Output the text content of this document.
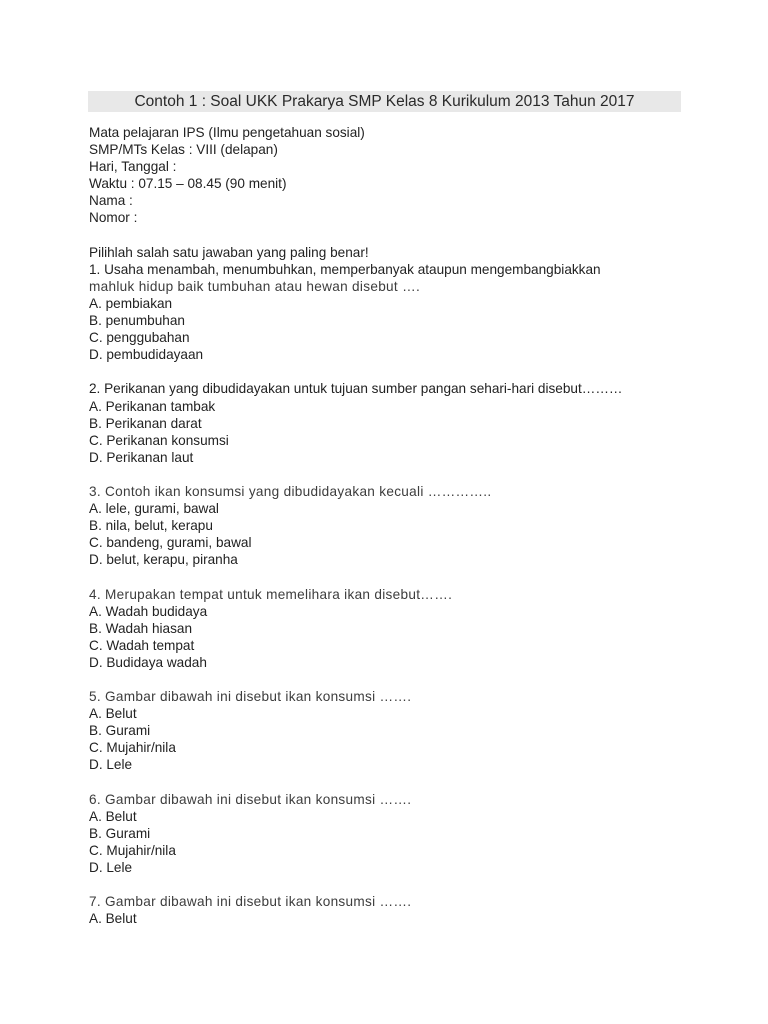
Contoh 1 : Soal UKK Prakarya SMP Kelas 8 Kurikulum 2013 Tahun 2017
Mata pelajaran IPS (Ilmu pengetahuan sosial)
SMP/MTs Kelas : VIII (delapan)
Hari, Tanggal :
Waktu : 07.15 – 08.45 (90 menit)
Nama :
Nomor :
Pilihlah salah satu jawaban yang paling benar!
1. Usaha menambah, menumbuhkan, memperbanyak ataupun mengembangbiakkan
mahluk hidup baik tumbuhan atau hewan disebut ….
A. pembiakan
B. penumbuhan
C. penggubahan
D. pembudidayaan
2. Perikanan yang dibudidayakan untuk tujuan sumber pangan sehari-hari disebut………
A. Perikanan tambak
B. Perikanan darat
C. Perikanan konsumsi
D. Perikanan laut
3. Contoh ikan konsumsi yang dibudidayakan kecuali …………..
A. lele, gurami, bawal
B. nila, belut, kerapu
C. bandeng, gurami, bawal
D. belut, kerapu, piranha
4. Merupakan tempat untuk memelihara ikan disebut…….
A. Wadah budidaya
B. Wadah hiasan
C. Wadah tempat
D. Budidaya wadah
5. Gambar dibawah ini disebut ikan konsumsi …….
A. Belut
B. Gurami
C. Mujahir/nila
D. Lele
6. Gambar dibawah ini disebut ikan konsumsi …….
A. Belut
B. Gurami
C. Mujahir/nila
D. Lele
7. Gambar dibawah ini disebut ikan konsumsi …….
A. Belut
